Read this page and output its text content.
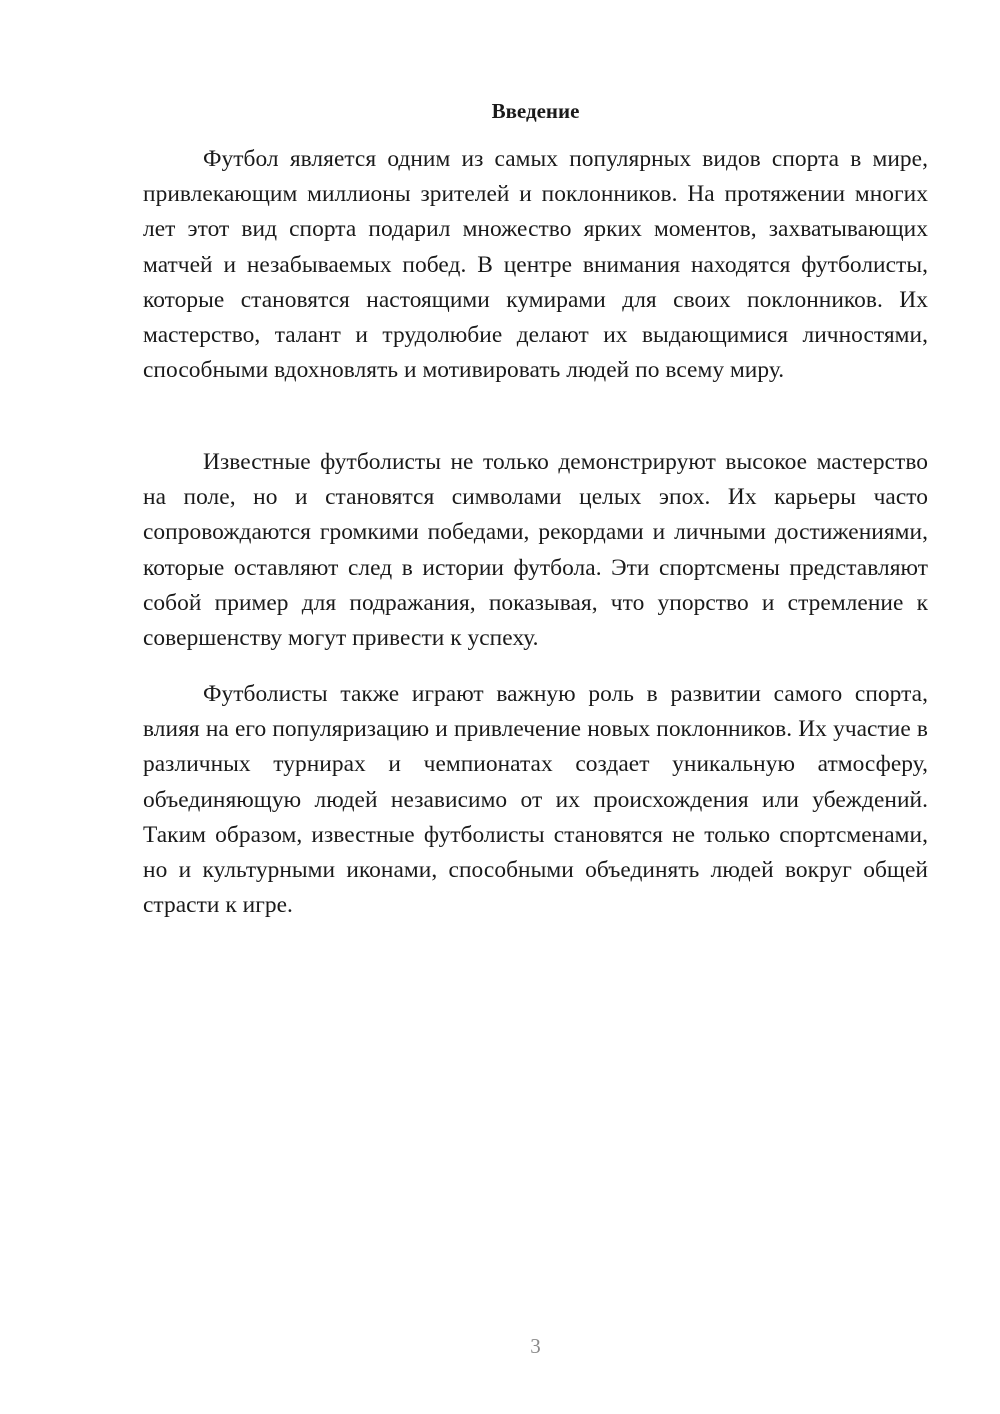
Введение

Футбол является одним из самых популярных видов спорта в мире, привлекающим миллионы зрителей и поклонников. На протяжении многих лет этот вид спорта подарил множество ярких моментов, захватывающих матчей и незабываемых побед. В центре внимания находятся футболисты, которые становятся настоящими кумирами для своих поклонников. Их мастерство, талант и трудолюбие делают их выдающимися личностями, способными вдохновлять и мотивировать людей по всему миру.

Известные футболисты не только демонстрируют высокое мастерство на поле, но и становятся символами целых эпох. Их карьеры часто сопровождаются громкими победами, рекордами и личными достижениями, которые оставляют след в истории футбола. Эти спортсмены представляют собой пример для подражания, показывая, что упорство и стремление к совершенству могут привести к успеху.

Футболисты также играют важную роль в развитии самого спорта, влияя на его популяризацию и привлечение новых поклонников. Их участие в различных турнирах и чемпионатах создает уникальную атмосферу, объединяющую людей независимо от их происхождения или убеждений. Таким образом, известные футболисты становятся не только спортсменами, но и культурными иконами, способными объединять людей вокруг общей страсти к игре.

3
